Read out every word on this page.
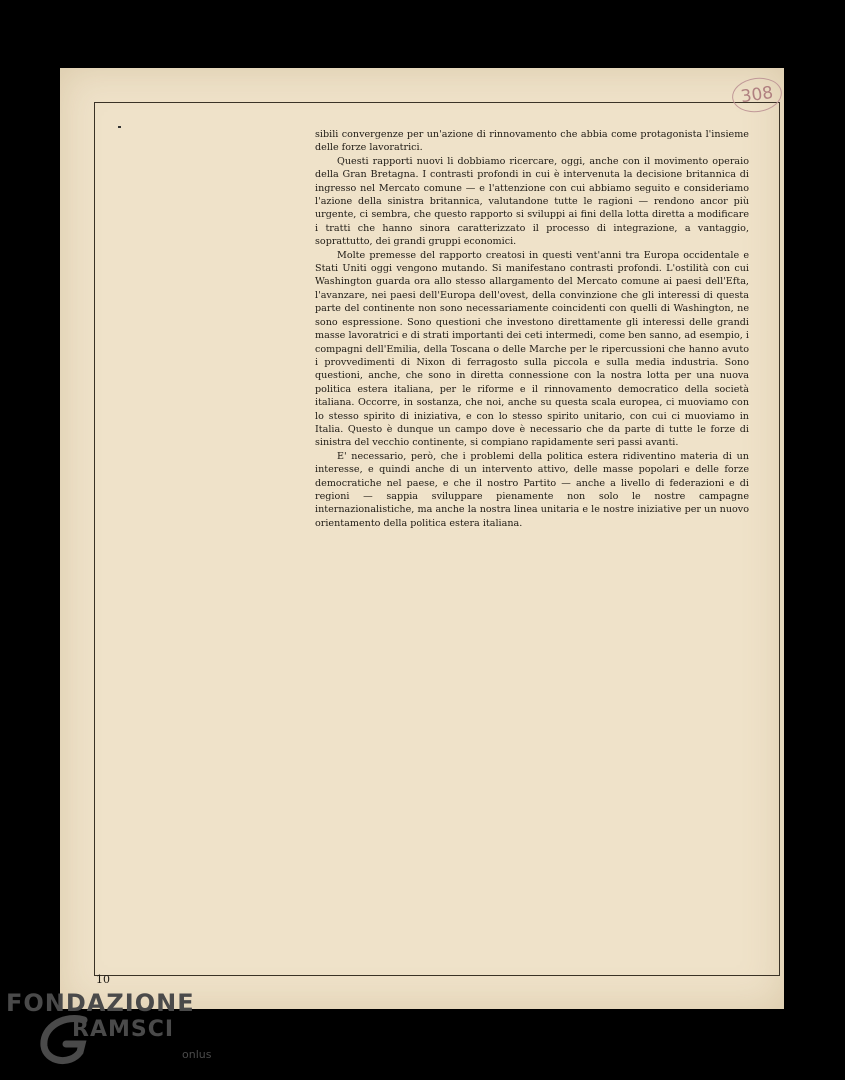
308

sibili convergenze per un'azione di rinnovamento che abbia come protagonista l'insieme delle forze lavoratrici.

Questi rapporti nuovi li dobbiamo ricercare, oggi, anche con il movimento operaio della Gran Bretagna. I contrasti profondi in cui è intervenuta la decisione britannica di ingresso nel Mercato comune — e l'attenzione con cui abbiamo seguito e consideriamo l'azione della sinistra britannica, valutandone tutte le ragioni — rendono ancor più urgente, ci sembra, che questo rapporto si sviluppi ai fini della lotta diretta a modificare i tratti che hanno sinora caratterizzato il processo di integrazione, a vantaggio, soprattutto, dei grandi gruppi economici.

Molte premesse del rapporto creatosi in questi vent'anni tra Europa occidentale e Stati Uniti oggi vengono mutando. Si manifestano contrasti profondi. L'ostilità con cui Washington guarda ora allo stesso allargamento del Mercato comune ai paesi dell'Efta, l'avanzare, nei paesi dell'Europa dell'ovest, della convinzione che gli interessi di questa parte del continente non sono necessariamente coincidenti con quelli di Washington, ne sono espressione. Sono questioni che investono direttamente gli interessi delle grandi masse lavoratrici e di strati importanti dei ceti intermedi, come ben sanno, ad esempio, i compagni dell'Emilia, della Toscana o delle Marche per le ripercussioni che hanno avuto i provvedimenti di Nixon di ferragosto sulla piccola e sulla media industria. Sono questioni, anche, che sono in diretta connessione con la nostra lotta per una nuova politica estera italiana, per le riforme e il rinnovamento democratico della società italiana. Occorre, in sostanza, che noi, anche su questa scala europea, ci muoviamo con lo stesso spirito di iniziativa, e con lo stesso spirito unitario, con cui ci muoviamo in Italia. Questo è dunque un campo dove è necessario che da parte di tutte le forze di sinistra del vecchio continente, si compiano rapidamente seri passi avanti.

E' necessario, però, che i problemi della politica estera ridiventino materia di un interesse, e quindi anche di un intervento attivo, delle masse popolari e delle forze democratiche nel paese, e che il nostro Partito — anche a livello di federazioni e di regioni — sappia sviluppare pienamente non solo le nostre campagne internazionalistiche, ma anche la nostra linea unitaria e le nostre iniziative per un nuovo orientamento della politica estera italiana.

10
FONDAZIONE
RAMSCI
onlus
